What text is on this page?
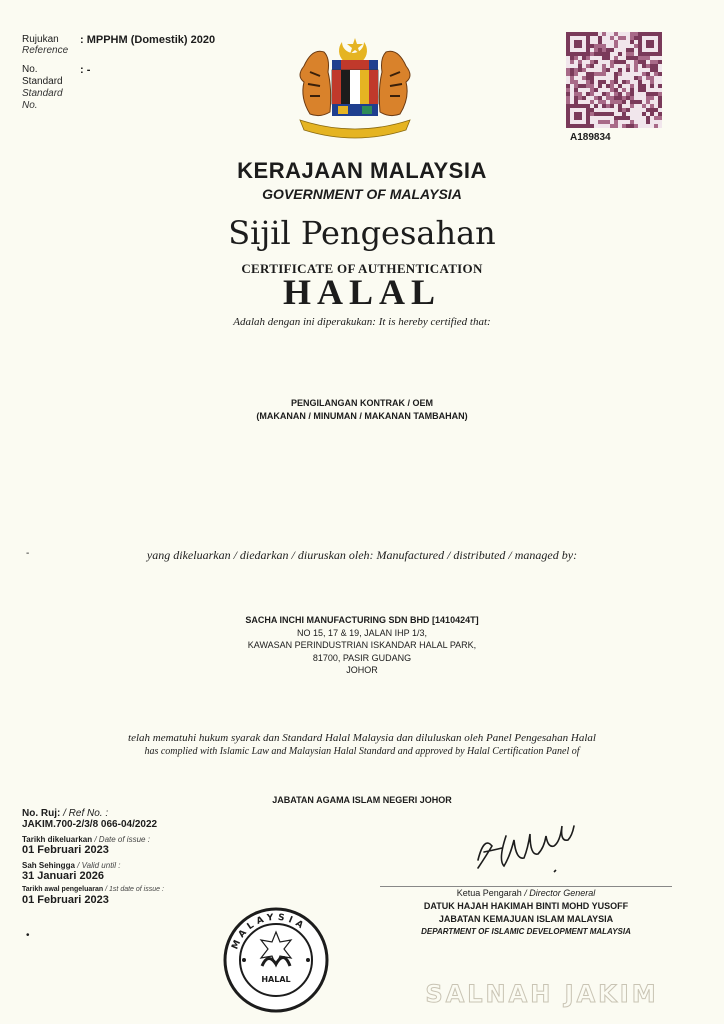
Rujukan
Reference
: MPPHM (Domestik) 2020
No.
Standard
Standard
No.
: -
A189834
KERAJAAN MALAYSIA
GOVERNMENT OF MALAYSIA
Sijil Pengesahan
CERTIFICATE OF AUTHENTICATION
HALAL
Adalah dengan ini diperakukan: It is hereby certified that:
PENGILANGAN KONTRAK / OEM
(MAKANAN / MINUMAN / MAKANAN TAMBAHAN)
-	yang dikeluarkan / diedarkan / diuruskan oleh: Manufactured / distributed / managed by:
SACHA INCHI MANUFACTURING SDN BHD [1410424T]
NO 15, 17 & 19, JALAN IHP 1/3,
KAWASAN PERINDUSTRIAN ISKANDAR HALAL PARK,
81700, PASIR GUDANG
JOHOR
telah mematuhi hukum syarak dan Standard Halal Malaysia dan diluluskan oleh Panel Pengesahan Halal
has complied with Islamic Law and Malaysian Halal Standard and approved by Halal Certification Panel of
JABATAN AGAMA ISLAM NEGERI JOHOR
No. Ruj: / Ref No. :
JAKIM.700-2/3/8 066-04/2022
Tarikh dikeluarkan / Date of issue :
01 Februari 2023
Sah Sehingga / Valid until :
31 Januari 2026
Tarikh awal pengeluaran / 1st date of issue :
01 Februari 2023
•
Ketua Pengarah / Director General
DATUK HAJAH HAKIMAH BINTI MOHD YUSOFF
JABATAN KEMAJUAN ISLAM MALAYSIA
DEPARTMENT OF ISLAMIC DEVELOPMENT MALAYSIA
MALAYSIA
HALAL
SALNAH JAKIM
